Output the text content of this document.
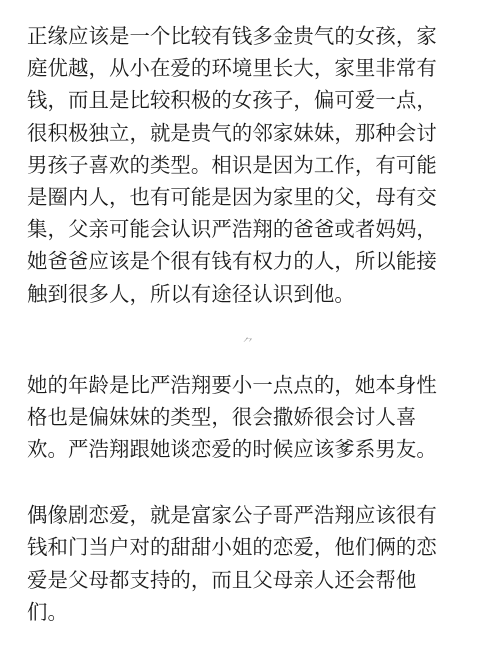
正缘应该是一个比较有钱多金贵气的女孩，家
庭优越，从小在爱的环境里长大，家里非常有
钱，而且是比较积极的女孩子，偏可爱一点，
很积极独立，就是贵气的邻家妹妹，那种会讨
男孩子喜欢的类型。相识是因为工作，有可能
是圈内人，也有可能是因为家里的父，母有交
集，父亲可能会认识严浩翔的爸爸或者妈妈，
她爸爸应该是个很有钱有权力的人，所以能接
触到很多人，所以有途径认识到他。
她的年龄是比严浩翔要小一点点的，她本身性
格也是偏妹妹的类型，很会撒娇很会讨人喜
欢。严浩翔跟她谈恋爱的时候应该爹系男友。
偶像剧恋爱，就是富家公子哥严浩翔应该很有
钱和门当户对的甜甜小姐的恋爱，他们俩的恋
爱是父母都支持的，而且父母亲人还会帮他
们。
⺈
